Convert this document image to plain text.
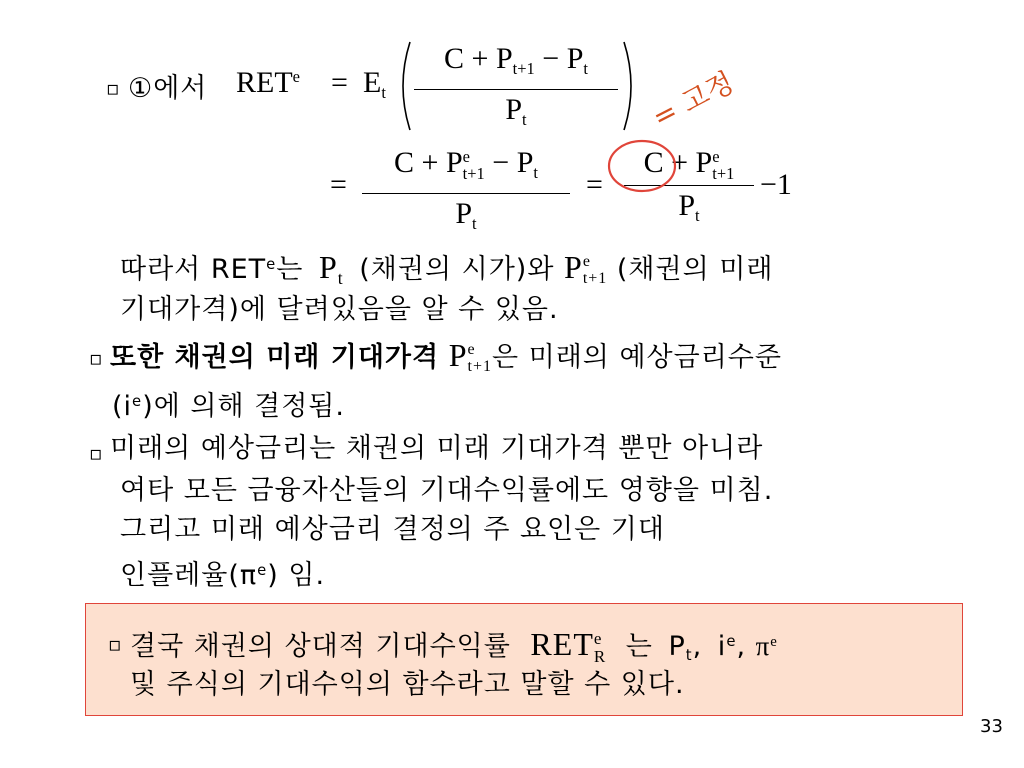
▫ ①에서 $RET^e = E_t$
$C + P_{t+1} - P_t$
$P_t$	= 고정
=
C + P e
$t+1 - P_t$
$P_t$
=
C + P e
t+1
$P_t$
−1
따라서 RET$^e$는 $P_t$ (채권의 시가)와 P e
t+1 (채권의 미래
기대가격)에 달려있음을 알 수 있음.
▫ 또한 채권의 미래 기대가격 P e
t+1 은 미래의 예상금리수준
$(i^e)$에 의해 결정됨.
▫ 미래의 예상금리는 채권의 미래 기대가격 뿐만 아니라
여타 모든 금융자산들의 기대수익률에도 영향을 미침.
그리고 미래 예상금리 결정의 주 요인은 기대
인플레율$(\pi^e)$ 임.
▫ 결국 채권의 상대적 기대수익률 RET e
R 는 $P_t$, $i^e$, $\pi^e$
및 주식의 기대수익의 함수라고 말할 수 있다.
33
